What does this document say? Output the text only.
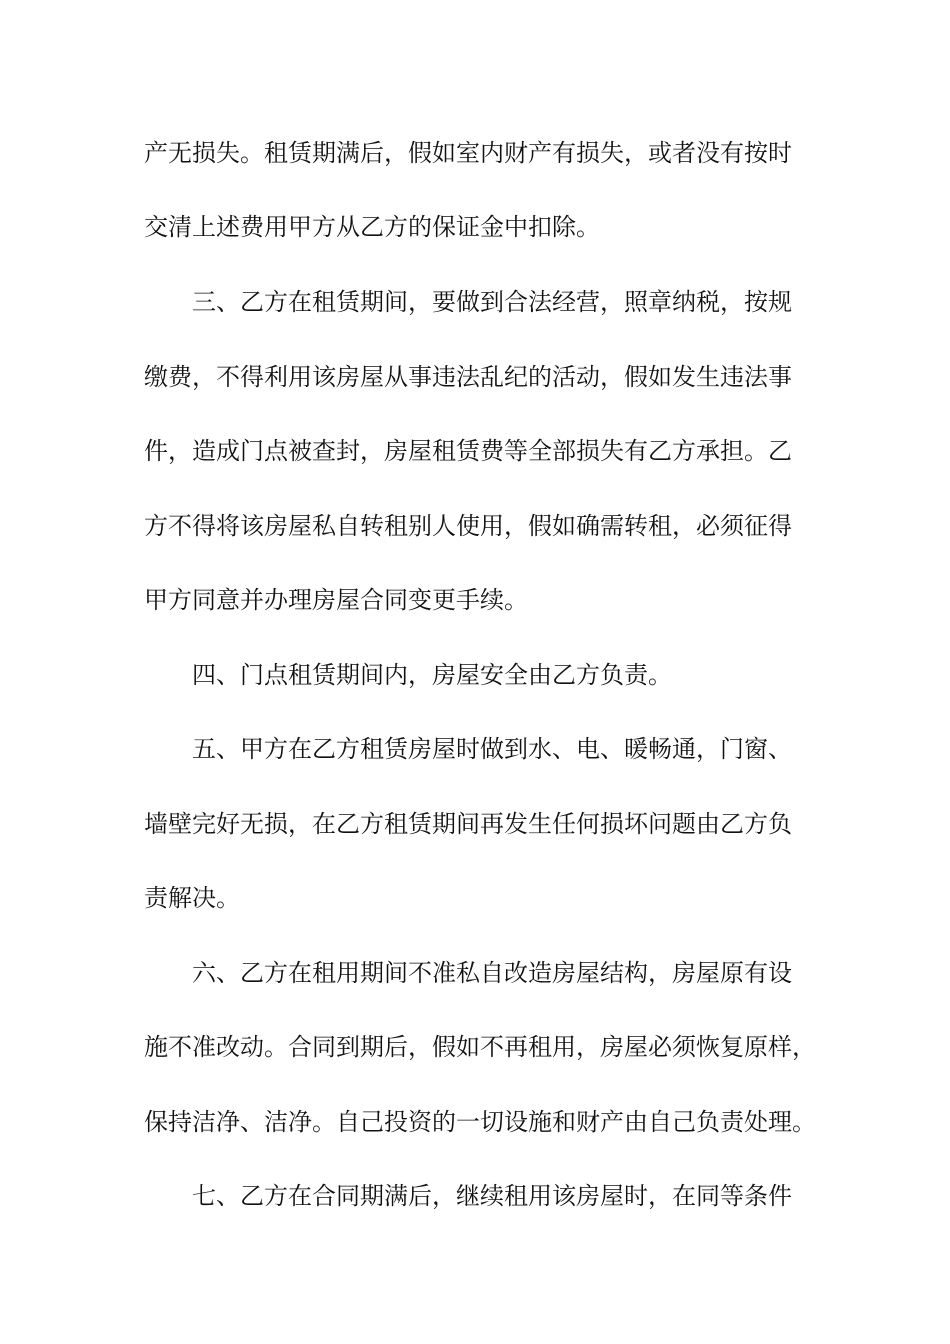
产无损失。租赁期满后，假如室内财产有损失，或者没有按时
交清上述费用甲方从乙方的保证金中扣除。
三、乙方在租赁期间，要做到合法经营，照章纳税，按规
缴费，不得利用该房屋从事违法乱纪的活动，假如发生违法事
件，造成门点被查封，房屋租赁费等全部损失有乙方承担。乙
方不得将该房屋私自转租别人使用，假如确需转租，必须征得
甲方同意并办理房屋合同变更手续。
四、门点租赁期间内，房屋安全由乙方负责。
五、甲方在乙方租赁房屋时做到水、电、暖畅通，门窗、
墙壁完好无损，在乙方租赁期间再发生任何损坏问题由乙方负
责解决。
六、乙方在租用期间不准私自改造房屋结构，房屋原有设
施不准改动。合同到期后，假如不再租用，房屋必须恢复原样，
保持洁净、洁净。自己投资的一切设施和财产由自己负责处理。
七、乙方在合同期满后，继续租用该房屋时，在同等条件
